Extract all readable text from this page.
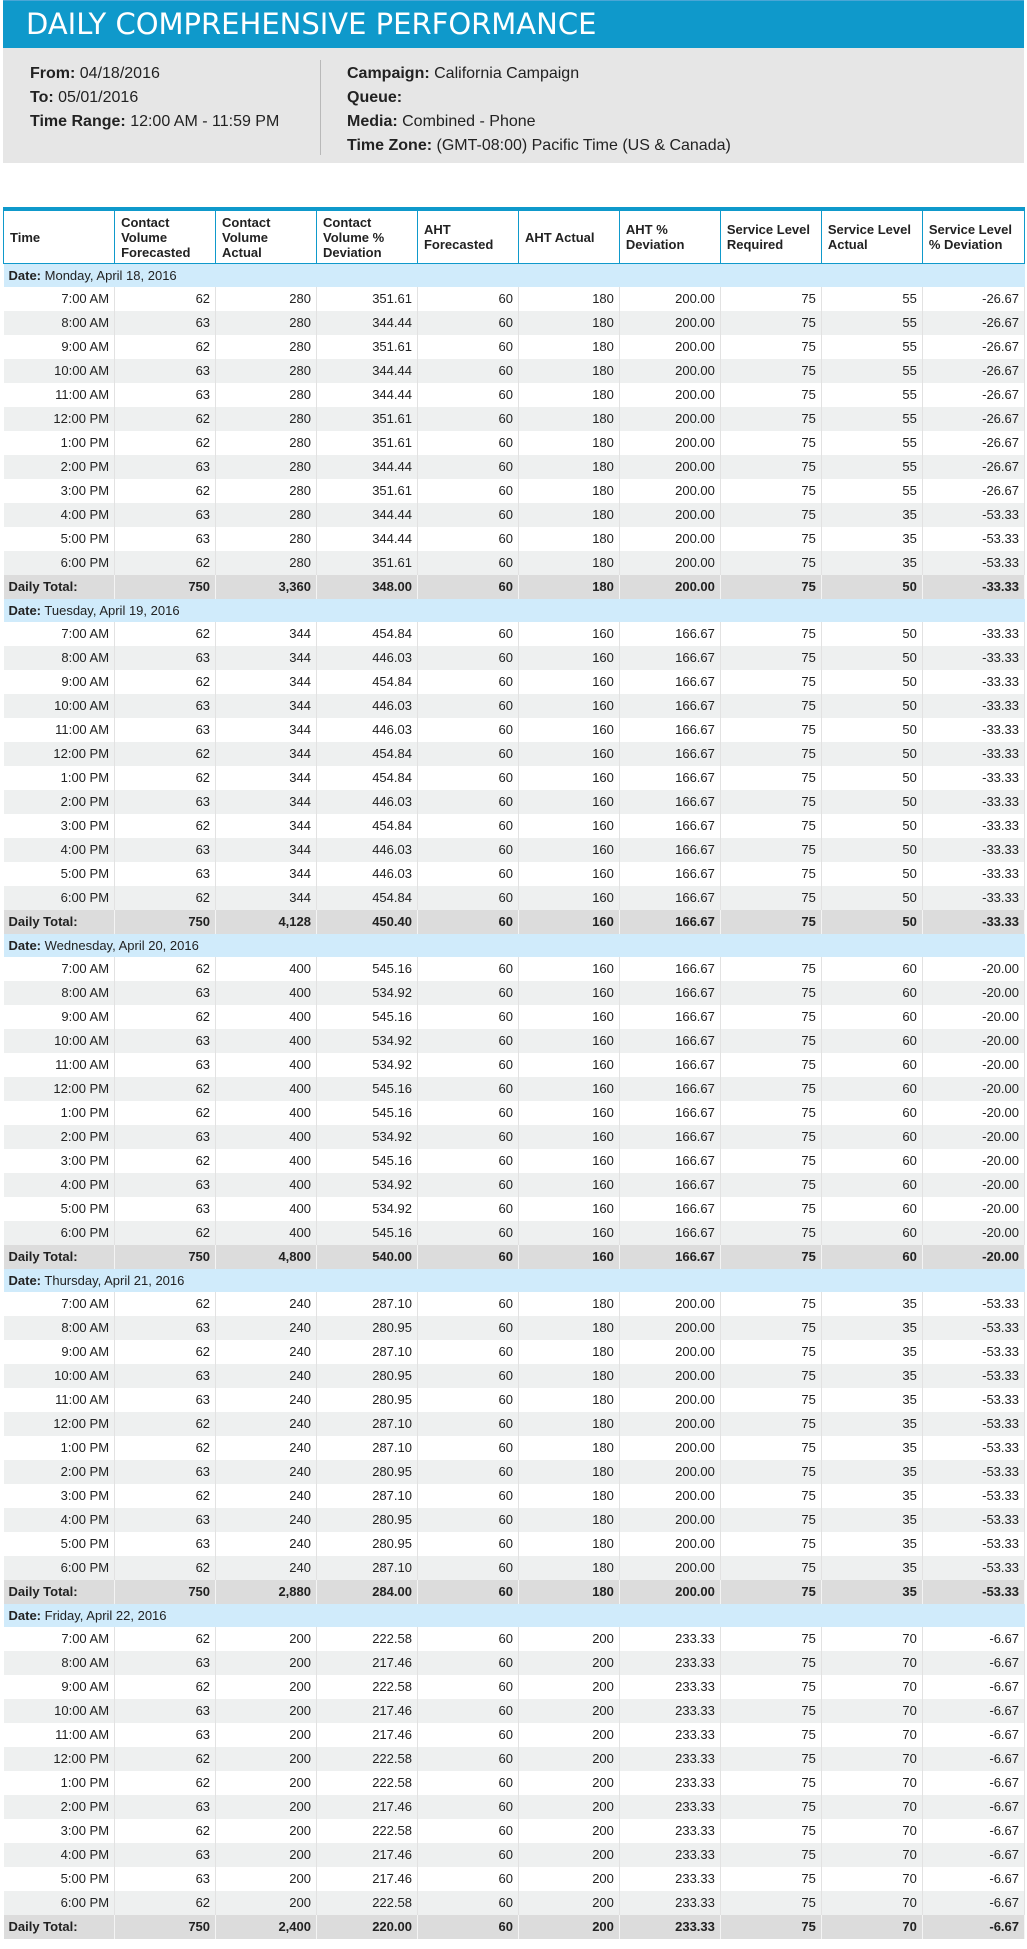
DAILY COMPREHENSIVE PERFORMANCE
From: 04/18/2016
To: 05/01/2016
Time Range: 12:00 AM - 11:59 PM
Campaign: California Campaign
Queue:
Media: Combined - Phone
Time Zone: (GMT-08:00) Pacific Time (US & Canada)
Time	Contact Volume Forecasted	Contact Volume Actual	Contact Volume % Deviation	AHT Forecasted	AHT Actual	AHT % Deviation	Service Level Required	Service Level Actual	Service Level % Deviation
Date: Monday, April 18, 2016									
7:00 AM	62	280	351.61	60	180	200.00	75	55	-26.67
8:00 AM	63	280	344.44	60	180	200.00	75	55	-26.67
9:00 AM	62	280	351.61	60	180	200.00	75	55	-26.67
10:00 AM	63	280	344.44	60	180	200.00	75	55	-26.67
11:00 AM	63	280	344.44	60	180	200.00	75	55	-26.67
12:00 PM	62	280	351.61	60	180	200.00	75	55	-26.67
1:00 PM	62	280	351.61	60	180	200.00	75	55	-26.67
2:00 PM	63	280	344.44	60	180	200.00	75	55	-26.67
3:00 PM	62	280	351.61	60	180	200.00	75	55	-26.67
4:00 PM	63	280	344.44	60	180	200.00	75	35	-53.33
5:00 PM	63	280	344.44	60	180	200.00	75	35	-53.33
6:00 PM	62	280	351.61	60	180	200.00	75	35	-53.33
Daily Total:	750	3,360	348.00	60	180	200.00	75	50	-33.33
Date: Tuesday, April 19, 2016									
7:00 AM	62	344	454.84	60	160	166.67	75	50	-33.33
8:00 AM	63	344	446.03	60	160	166.67	75	50	-33.33
9:00 AM	62	344	454.84	60	160	166.67	75	50	-33.33
10:00 AM	63	344	446.03	60	160	166.67	75	50	-33.33
11:00 AM	63	344	446.03	60	160	166.67	75	50	-33.33
12:00 PM	62	344	454.84	60	160	166.67	75	50	-33.33
1:00 PM	62	344	454.84	60	160	166.67	75	50	-33.33
2:00 PM	63	344	446.03	60	160	166.67	75	50	-33.33
3:00 PM	62	344	454.84	60	160	166.67	75	50	-33.33
4:00 PM	63	344	446.03	60	160	166.67	75	50	-33.33
5:00 PM	63	344	446.03	60	160	166.67	75	50	-33.33
6:00 PM	62	344	454.84	60	160	166.67	75	50	-33.33
Daily Total:	750	4,128	450.40	60	160	166.67	75	50	-33.33
Date: Wednesday, April 20, 2016									
7:00 AM	62	400	545.16	60	160	166.67	75	60	-20.00
8:00 AM	63	400	534.92	60	160	166.67	75	60	-20.00
9:00 AM	62	400	545.16	60	160	166.67	75	60	-20.00
10:00 AM	63	400	534.92	60	160	166.67	75	60	-20.00
11:00 AM	63	400	534.92	60	160	166.67	75	60	-20.00
12:00 PM	62	400	545.16	60	160	166.67	75	60	-20.00
1:00 PM	62	400	545.16	60	160	166.67	75	60	-20.00
2:00 PM	63	400	534.92	60	160	166.67	75	60	-20.00
3:00 PM	62	400	545.16	60	160	166.67	75	60	-20.00
4:00 PM	63	400	534.92	60	160	166.67	75	60	-20.00
5:00 PM	63	400	534.92	60	160	166.67	75	60	-20.00
6:00 PM	62	400	545.16	60	160	166.67	75	60	-20.00
Daily Total:	750	4,800	540.00	60	160	166.67	75	60	-20.00
Date: Thursday, April 21, 2016									
7:00 AM	62	240	287.10	60	180	200.00	75	35	-53.33
8:00 AM	63	240	280.95	60	180	200.00	75	35	-53.33
9:00 AM	62	240	287.10	60	180	200.00	75	35	-53.33
10:00 AM	63	240	280.95	60	180	200.00	75	35	-53.33
11:00 AM	63	240	280.95	60	180	200.00	75	35	-53.33
12:00 PM	62	240	287.10	60	180	200.00	75	35	-53.33
1:00 PM	62	240	287.10	60	180	200.00	75	35	-53.33
2:00 PM	63	240	280.95	60	180	200.00	75	35	-53.33
3:00 PM	62	240	287.10	60	180	200.00	75	35	-53.33
4:00 PM	63	240	280.95	60	180	200.00	75	35	-53.33
5:00 PM	63	240	280.95	60	180	200.00	75	35	-53.33
6:00 PM	62	240	287.10	60	180	200.00	75	35	-53.33
Daily Total:	750	2,880	284.00	60	180	200.00	75	35	-53.33
Date: Friday, April 22, 2016									
7:00 AM	62	200	222.58	60	200	233.33	75	70	-6.67
8:00 AM	63	200	217.46	60	200	233.33	75	70	-6.67
9:00 AM	62	200	222.58	60	200	233.33	75	70	-6.67
10:00 AM	63	200	217.46	60	200	233.33	75	70	-6.67
11:00 AM	63	200	217.46	60	200	233.33	75	70	-6.67
12:00 PM	62	200	222.58	60	200	233.33	75	70	-6.67
1:00 PM	62	200	222.58	60	200	233.33	75	70	-6.67
2:00 PM	63	200	217.46	60	200	233.33	75	70	-6.67
3:00 PM	62	200	222.58	60	200	233.33	75	70	-6.67
4:00 PM	63	200	217.46	60	200	233.33	75	70	-6.67
5:00 PM	63	200	217.46	60	200	233.33	75	70	-6.67
6:00 PM	62	200	222.58	60	200	233.33	75	70	-6.67
Daily Total:	750	2,400	220.00	60	200	233.33	75	70	-6.67
